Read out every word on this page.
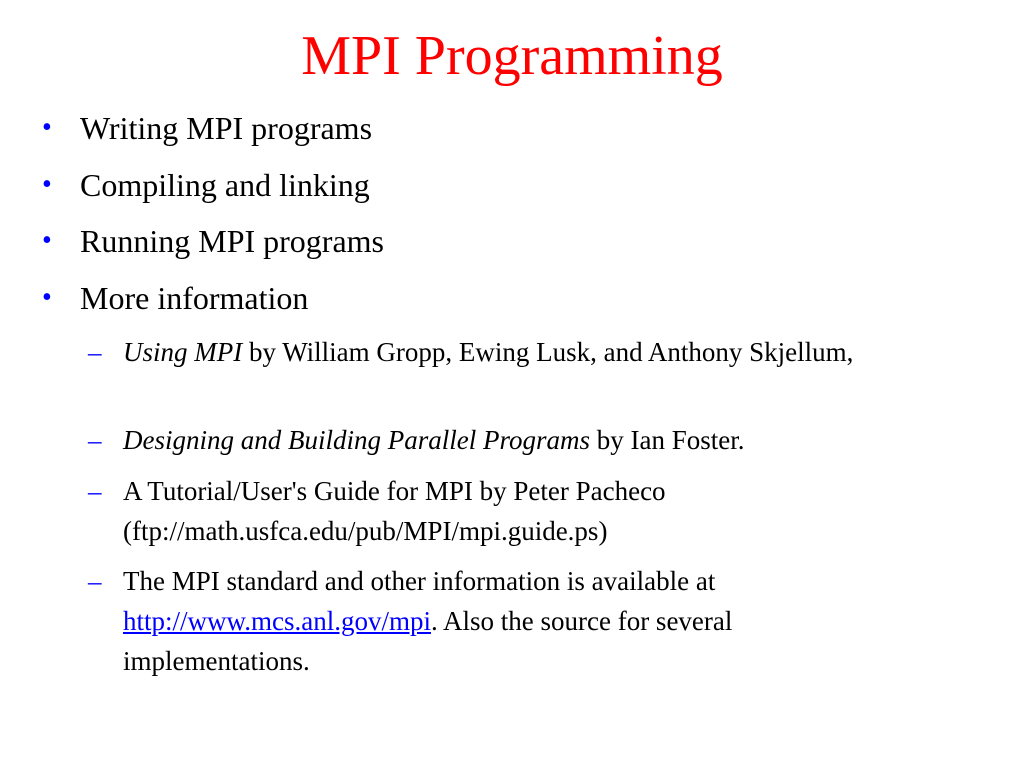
MPI Programming
• Writing MPI programs
• Compiling and linking
• Running MPI programs
• More information
– Using MPI by William Gropp, Ewing Lusk, and Anthony Skjellum,
– Designing and Building Parallel Programs by Ian Foster.
– A Tutorial/User's Guide for MPI by Peter Pacheco (ftp://math.usfca.edu/pub/MPI/mpi.guide.ps)
– The MPI standard and other information is available at http://www.mcs.anl.gov/mpi. Also the source for several implementations.
